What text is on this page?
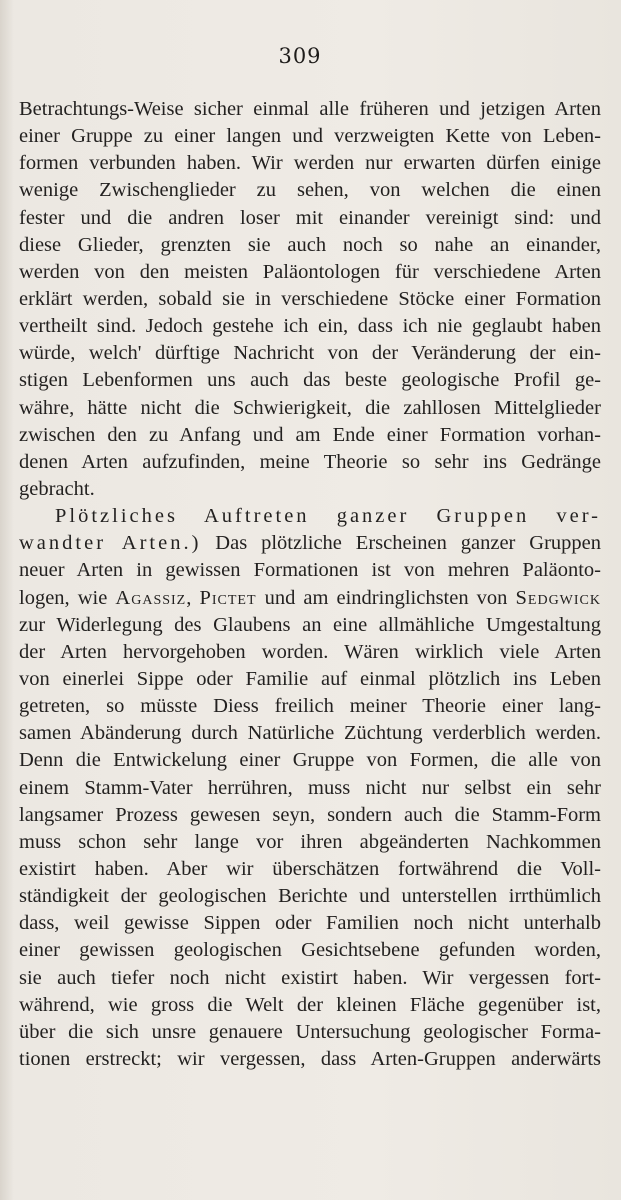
309
Betrachtungs-Weise sicher einmal alle früheren und jetzigen Arten
einer Gruppe zu einer langen und verzweigten Kette von Leben-
formen verbunden haben. Wir werden nur erwarten dürfen einige
wenige Zwischenglieder zu sehen, von welchen die einen
fester und die andren loser mit einander vereinigt sind: und
diese Glieder, grenzten sie auch noch so nahe an einander,
werden von den meisten Paläontologen für verschiedene Arten
erklärt werden, sobald sie in verschiedene Stöcke einer Formation
vertheilt sind. Jedoch gestehe ich ein, dass ich nie geglaubt haben
würde, welch' dürftige Nachricht von der Veränderung der ein-
stigen Lebenformen uns auch das beste geologische Profil ge-
währe, hätte nicht die Schwierigkeit, die zahllosen Mittelglieder
zwischen den zu Anfang und am Ende einer Formation vorhan-
denen Arten aufzufinden, meine Theorie so sehr ins Gedränge
gebracht.
Plötzliches Auftreten ganzer Gruppen ver-
wandter Arten.) Das plötzliche Erscheinen ganzer Gruppen
neuer Arten in gewissen Formationen ist von mehren Paläonto-
logen, wie Agassiz, Pictet und am eindringlichsten von Sedgwick
zur Widerlegung des Glaubens an eine allmähliche Umgestaltung
der Arten hervorgehoben worden. Wären wirklich viele Arten
von einerlei Sippe oder Familie auf einmal plötzlich ins Leben
getreten, so müsste Diess freilich meiner Theorie einer lang-
samen Abänderung durch Natürliche Züchtung verderblich werden.
Denn die Entwickelung einer Gruppe von Formen, die alle von
einem Stamm-Vater herrühren, muss nicht nur selbst ein sehr
langsamer Prozess gewesen seyn, sondern auch die Stamm-Form
muss schon sehr lange vor ihren abgeänderten Nachkommen
existirt haben. Aber wir überschätzen fortwährend die Voll-
ständigkeit der geologischen Berichte und unterstellen irrthümlich
dass, weil gewisse Sippen oder Familien noch nicht unterhalb
einer gewissen geologischen Gesichtsebene gefunden worden,
sie auch tiefer noch nicht existirt haben. Wir vergessen fort-
während, wie gross die Welt der kleinen Fläche gegenüber ist,
über die sich unsre genauere Untersuchung geologischer Forma-
tionen erstreckt; wir vergessen, dass Arten-Gruppen anderwärts
